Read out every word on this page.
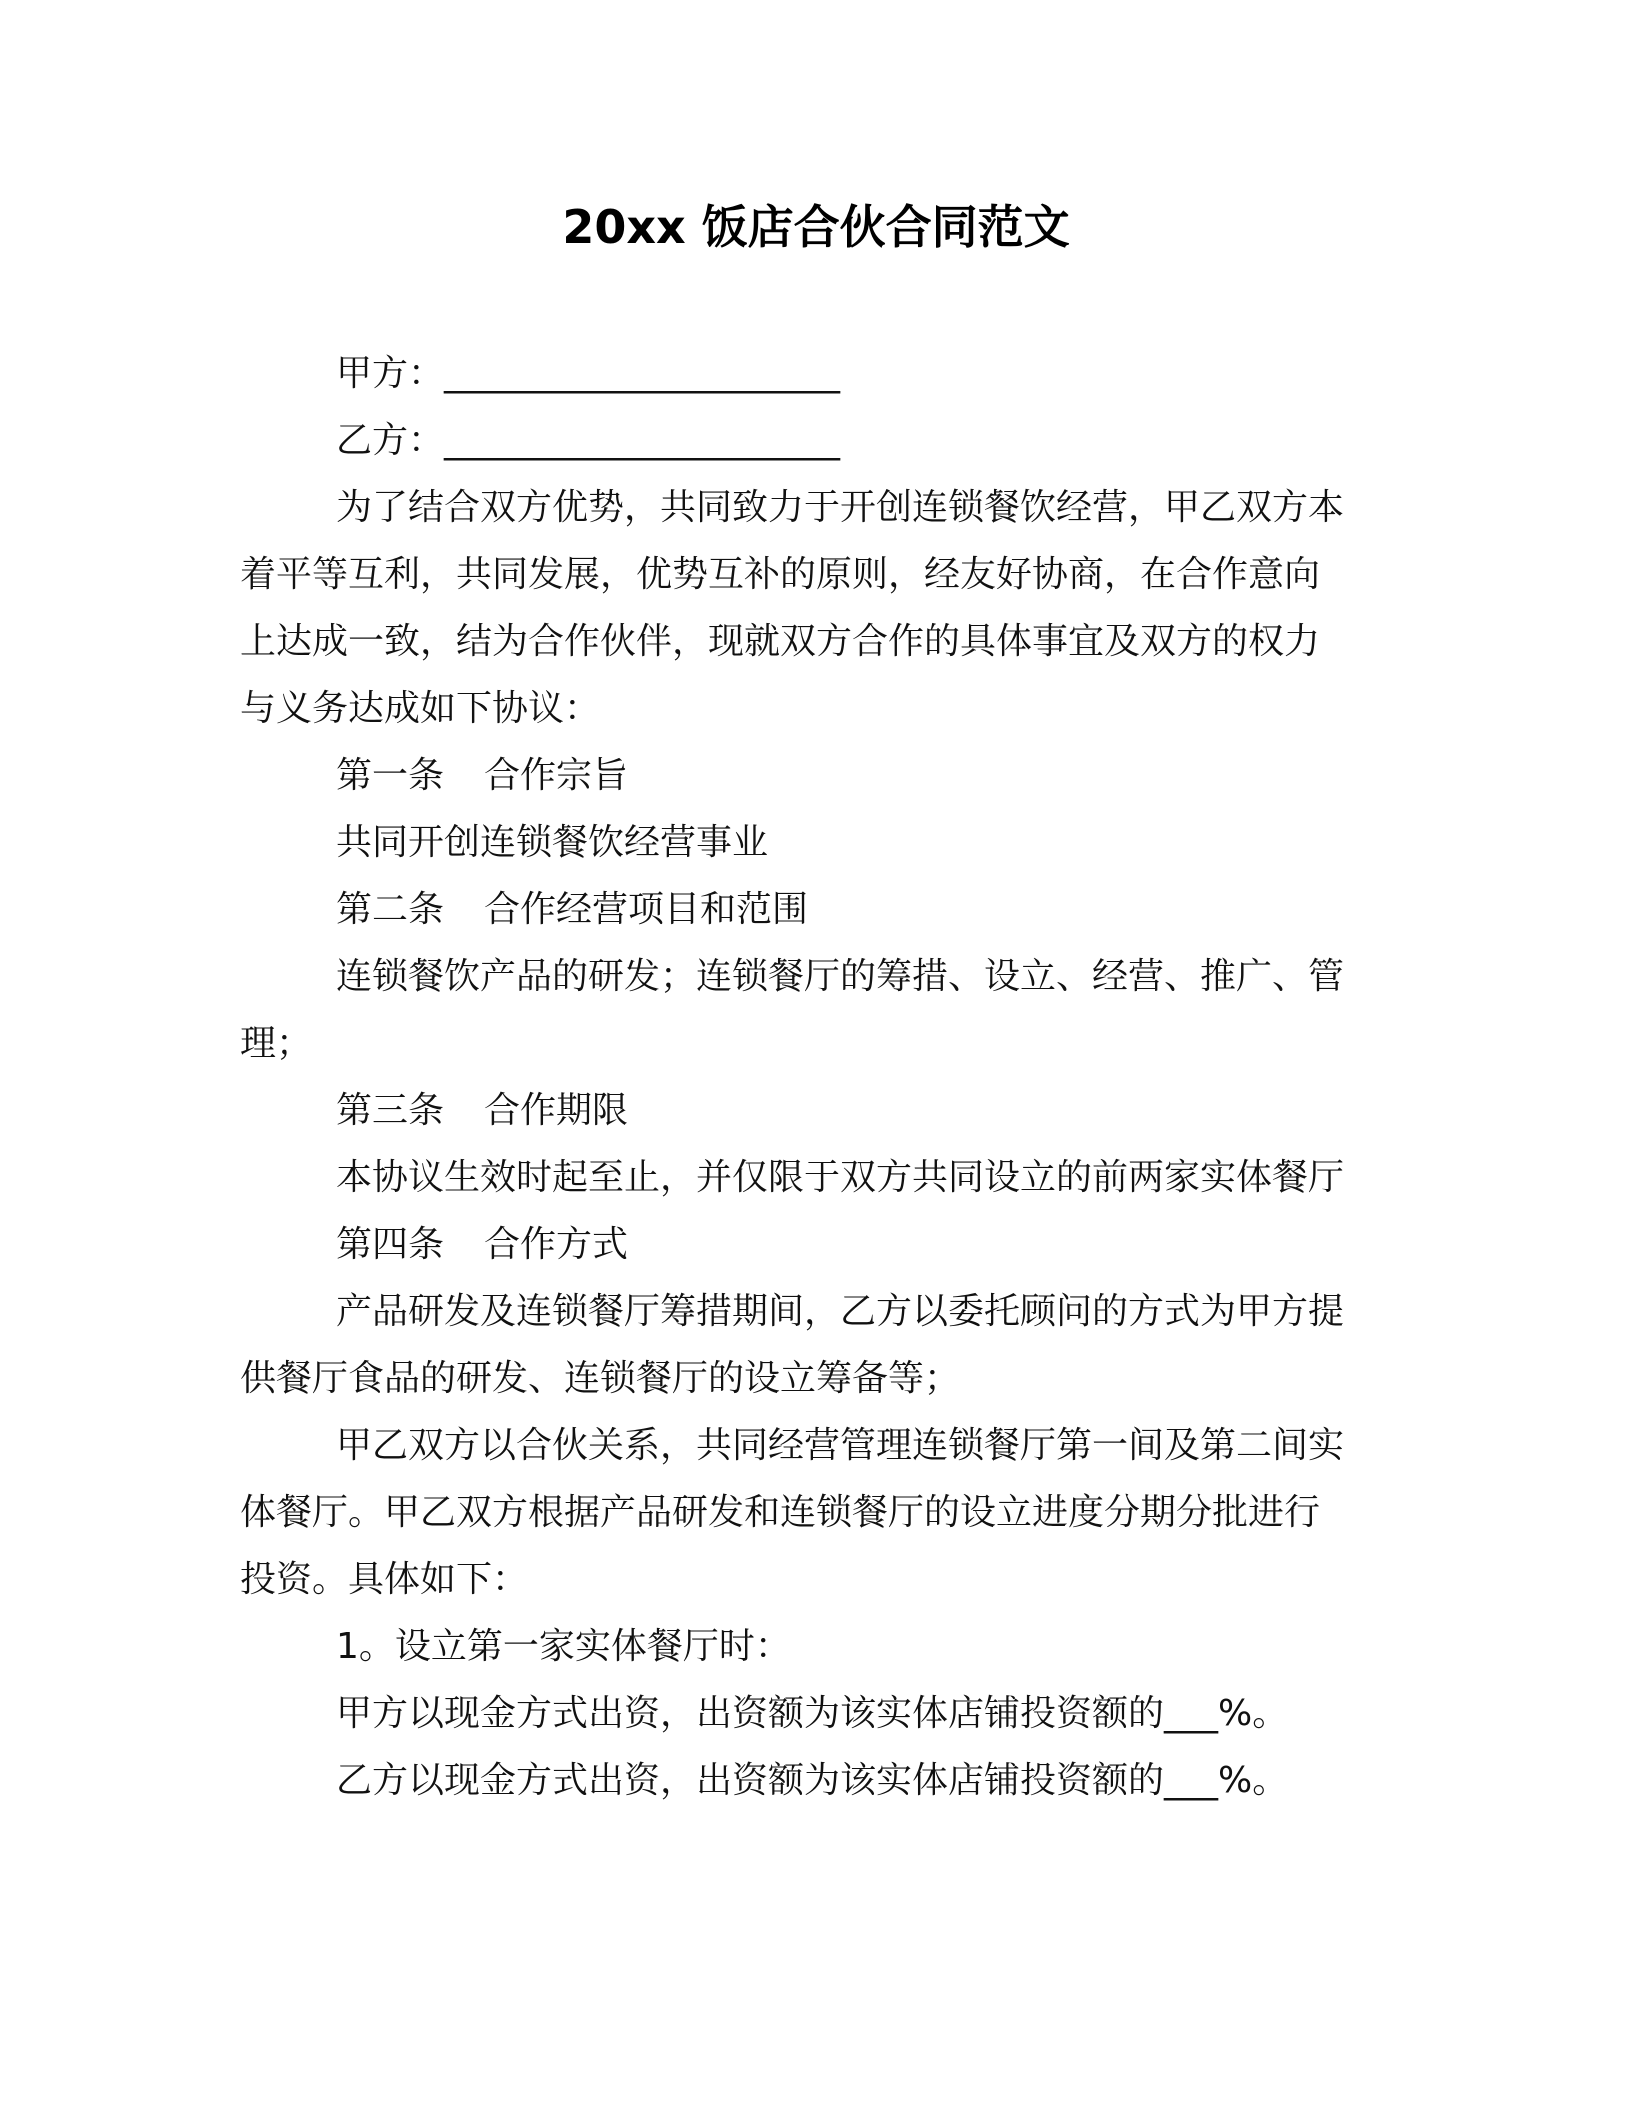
20xx 饭店合伙合同范文

甲方：______________________

乙方：______________________

为了结合双方优势，共同致力于开创连锁餐饮经营，甲乙双方本

着平等互利，共同发展，优势互补的原则，经友好协商，在合作意向

上达成一致，结为合作伙伴，现就双方合作的具体事宜及双方的权力

与义务达成如下协议：

第一条 合作宗旨

共同开创连锁餐饮经营事业

第二条 合作经营项目和范围

连锁餐饮产品的研发；连锁餐厅的筹措、设立、经营、推广、管

理；

第三条 合作期限

本协议生效时起至止，并仅限于双方共同设立的前两家实体餐厅

第四条 合作方式

产品研发及连锁餐厅筹措期间，乙方以委托顾问的方式为甲方提

供餐厅食品的研发、连锁餐厅的设立筹备等；

甲乙双方以合伙关系，共同经营管理连锁餐厅第一间及第二间实

体餐厅。甲乙双方根据产品研发和连锁餐厅的设立进度分期分批进行

投资。具体如下：

1。设立第一家实体餐厅时：

甲方以现金方式出资，出资额为该实体店铺投资额的___%。

乙方以现金方式出资，出资额为该实体店铺投资额的___%。
